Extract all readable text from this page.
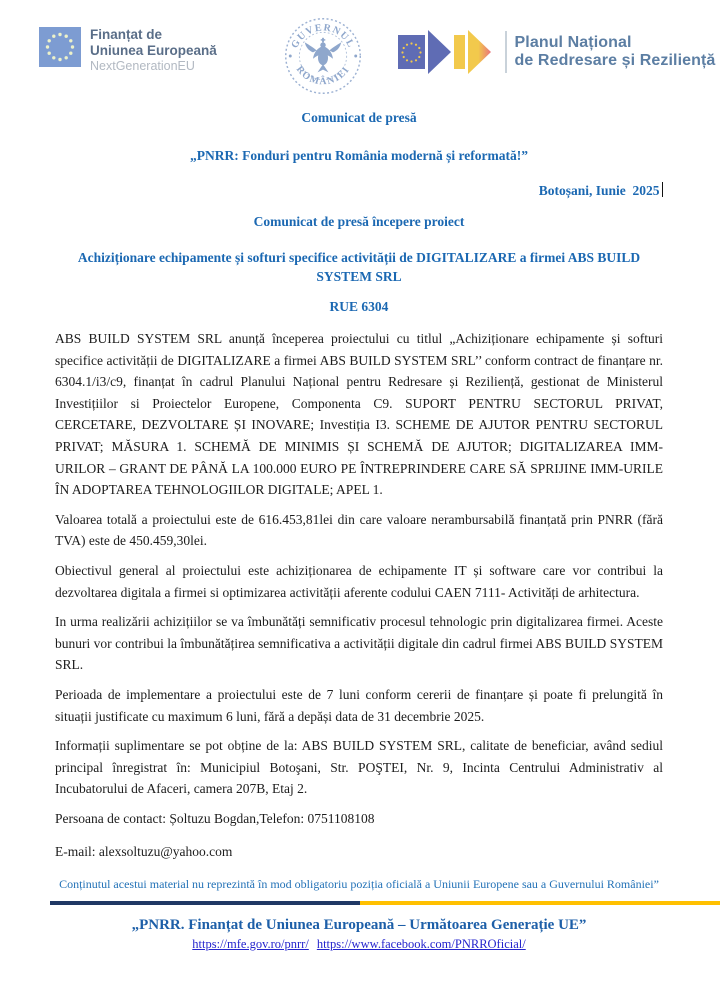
Finanțat de
Uniunea Europeană
NextGenerationEU
GUVERNUL
ROMÂNIEI
Planul Național
de Redresare și Reziliență
Comunicat de presă
„PNRR: Fonduri pentru România modernă și reformată!”
Botoșani, Iunie  2025
Comunicat de presă începere proiect
Achiziționare echipamente și softuri specifice activității de DIGITALIZARE a firmei ABS BUILD SYSTEM SRL
RUE 6304
ABS BUILD SYSTEM SRL anunță începerea proiectului cu titlul „Achiziționare echipamente și softuri specifice activității de DIGITALIZARE a firmei ABS BUILD SYSTEM SRL’’ conform contract de finanțare nr. 6304.1/i3/c9, finanțat în cadrul Planului Național pentru Redresare și Reziliență, gestionat de Ministerul Investițiilor si Proiectelor Europene, Componenta C9. SUPORT PENTRU SECTORUL PRIVAT, CERCETARE, DEZVOLTARE ȘI INOVARE; Investiția I3. SCHEME DE AJUTOR PENTRU SECTORUL PRIVAT; MĂSURA 1. SCHEMĂ DE MINIMIS ȘI SCHEMĂ DE AJUTOR; DIGITALIZAREA IMM-URILOR – GRANT DE PÂNĂ LA 100.000 EURO PE ÎNTREPRINDERE CARE SĂ SPRIJINE IMM-URILE ÎN ADOPTAREA TEHNOLOGIILOR DIGITALE; APEL 1.
Valoarea totală a proiectului este de 616.453,81lei din care valoare nerambursabilă finanțată prin PNRR (fără TVA) este de 450.459,30lei.
Obiectivul general al proiectului este achiziționarea de echipamente IT și software care vor contribui la dezvoltarea digitala a firmei si optimizarea activității aferente codului CAEN 7111- Activități de arhitectura.
In urma realizării achizițiilor se va îmbunătăți semnificativ procesul tehnologic prin digitalizarea firmei. Aceste bunuri vor contribui la îmbunătățirea semnificativa a activității digitale din cadrul firmei ABS BUILD SYSTEM SRL.
Perioada de implementare a proiectului este de 7 luni conform cererii de finanțare și poate fi prelungită în situații justificate cu maximum 6 luni, fără a depăși data de 31 decembrie 2025.
Informații suplimentare se pot obține de la: ABS BUILD SYSTEM SRL, calitate de beneficiar, având sediul principal înregistrat în: Municipiul Botoşani, Str. POŞTEI, Nr. 9, Incinta Centrului Administrativ al Incubatorului de Afaceri, camera 207B, Etaj 2.
Persoana de contact: Șoltuzu Bogdan,Telefon: 0751108108
E-mail: alexsoltuzu@yahoo.com
Conținutul acestui material nu reprezintă în mod obligatoriu poziția oficială a Uniunii Europene sau a Guvernului României”
„PNRR. Finanțat de Uniunea Europeană – Următoarea Generație UE”
https://mfe.gov.ro/pnrr/ https://www.facebook.com/PNRROficial/
